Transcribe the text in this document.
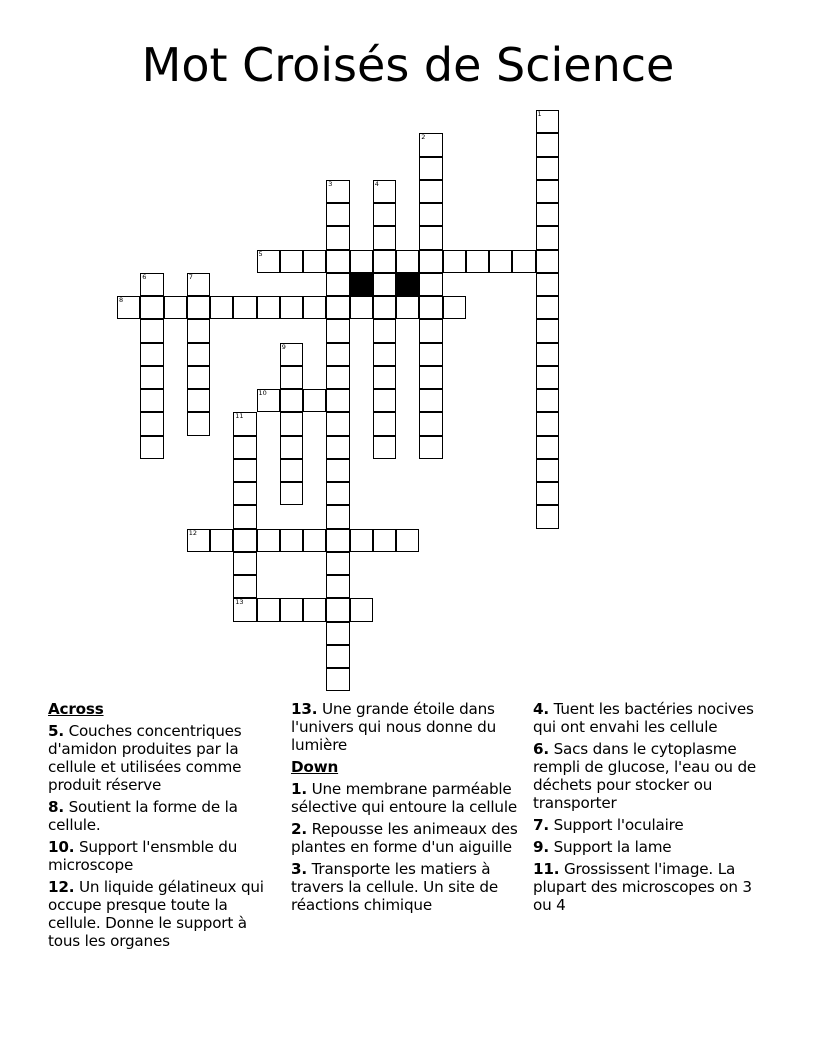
Mot Croisés de Science
1
2
3	4
5
6	7
8
9
10
11
12
13
Across
5. Couches concentriques d'amidon produites par la cellule et utilisées comme produit réserve
8. Soutient la forme de la cellule.
10. Support l'ensmble du microscope
12. Un liquide gélatineux qui occupe presque toute la cellule. Donne le support à tous les organes
13. Une grande étoile dans l'univers qui nous donne du lumière
Down
1. Une membrane parméable sélective qui entoure la cellule
2. Repousse les animeaux des plantes en forme d'un aiguille
3. Transporte les matiers à travers la cellule. Un site de réactions chimique
4. Tuent les bactéries nocives qui ont envahi les cellule
6. Sacs dans le cytoplasme rempli de glucose, l'eau ou de déchets pour stocker ou transporter
7. Support l'oculaire
9. Support la lame
11. Grossissent l'image. La plupart des microscopes on 3 ou 4
